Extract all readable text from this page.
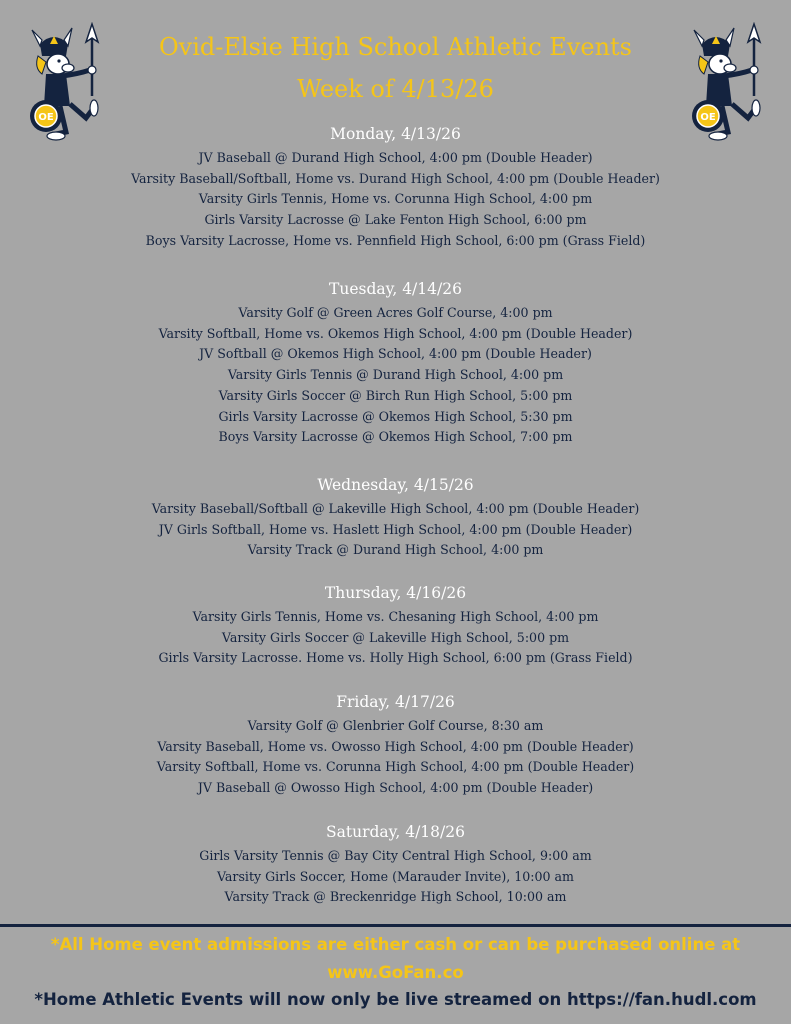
OE	OE
Ovid-Elsie High School Athletic Events
Week of 4/13/26
Monday, 4/13/26
JV Baseball @ Durand High School, 4:00 pm (Double Header)
Varsity Baseball/Softball, Home vs. Durand High School, 4:00 pm (Double Header)
Varsity Girls Tennis, Home vs. Corunna High School, 4:00 pm
Girls Varsity Lacrosse @ Lake Fenton High School, 6:00 pm
Boys Varsity Lacrosse, Home vs. Pennfield High School, 6:00 pm (Grass Field)
Tuesday, 4/14/26
Varsity Golf @ Green Acres Golf Course, 4:00 pm
Varsity Softball, Home vs. Okemos High School, 4:00 pm (Double Header)
JV Softball @ Okemos High School, 4:00 pm (Double Header)
Varsity Girls Tennis @ Durand High School, 4:00 pm
Varsity Girls Soccer @ Birch Run High School, 5:00 pm
Girls Varsity Lacrosse @ Okemos High School, 5:30 pm
Boys Varsity Lacrosse @ Okemos High School, 7:00 pm
Wednesday, 4/15/26
Varsity Baseball/Softball @ Lakeville High School, 4:00 pm (Double Header)
JV Girls Softball, Home vs. Haslett High School, 4:00 pm (Double Header)
Varsity Track @ Durand High School, 4:00 pm
Thursday, 4/16/26
Varsity Girls Tennis, Home vs. Chesaning High School, 4:00 pm
Varsity Girls Soccer @ Lakeville High School, 5:00 pm
Girls Varsity Lacrosse. Home vs. Holly High School, 6:00 pm (Grass Field)
Friday, 4/17/26
Varsity Golf @ Glenbrier Golf Course, 8:30 am
Varsity Baseball, Home vs. Owosso High School, 4:00 pm (Double Header)
Varsity Softball, Home vs. Corunna High School, 4:00 pm (Double Header)
JV Baseball @ Owosso High School, 4:00 pm (Double Header)
Saturday, 4/18/26
Girls Varsity Tennis @ Bay City Central High School, 9:00 am
Varsity Girls Soccer, Home (Marauder Invite), 10:00 am
Varsity Track @ Breckenridge High School, 10:00 am
*All Home event admissions are either cash or can be purchased online at
www.GoFan.co
*Home Athletic Events will now only be live streamed on https://fan.hudl.com
